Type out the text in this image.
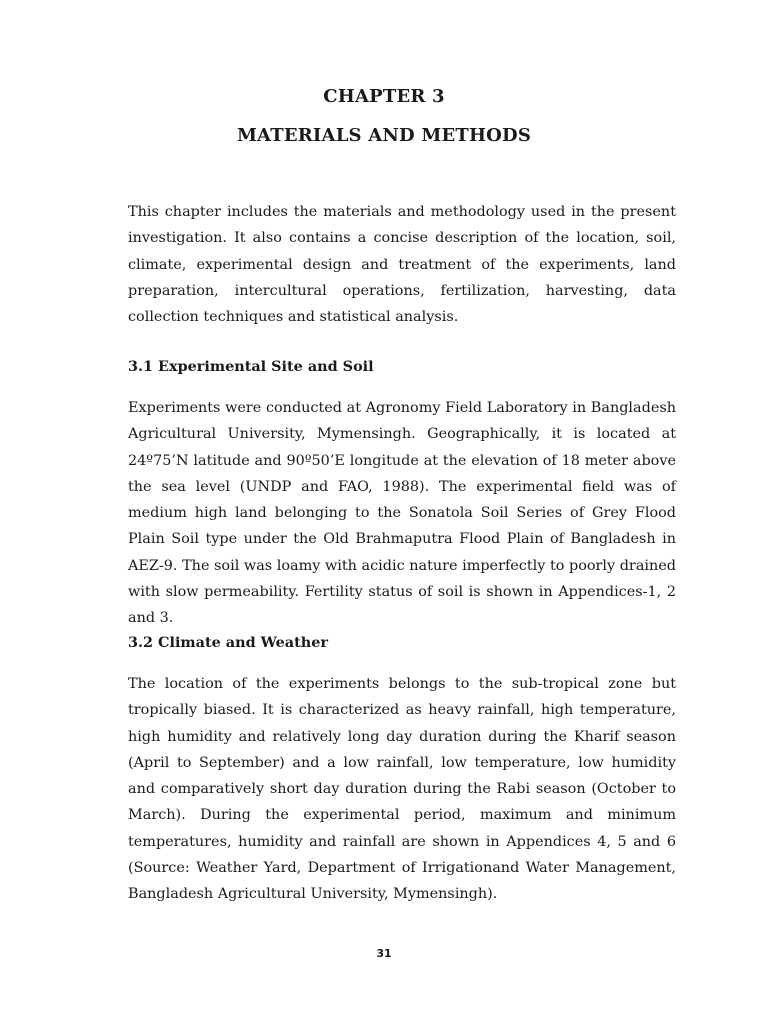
CHAPTER 3
MATERIALS AND METHODS

This chapter includes the materials and methodology used in the present investigation. It also contains a concise description of the location, soil, climate, experimental design and treatment of the experiments, land preparation, intercultural operations, fertilization, harvesting, data collection techniques and statistical analysis.

3.1 Experimental Site and Soil

Experiments were conducted at Agronomy Field Laboratory in Bangladesh Agricultural University, Mymensingh. Geographically, it is located at 24º75’N latitude and 90º50’E longitude at the elevation of 18 meter above the sea level (UNDP and FAO, 1988). The experimental field was of medium high land belonging to the Sonatola Soil Series of Grey Flood Plain Soil type under the Old Brahmaputra Flood Plain of Bangladesh in AEZ-9. The soil was loamy with acidic nature imperfectly to poorly drained with slow permeability. Fertility status of soil is shown in Appendices-1, 2 and 3.

3.2 Climate and Weather

The location of the experiments belongs to the sub-tropical zone but tropically biased. It is characterized as heavy rainfall, high temperature, high humidity and relatively long day duration during the Kharif season (April to September) and a low rainfall, low temperature, low humidity and comparatively short day duration during the Rabi season (October to March). During the experimental period, maximum and minimum temperatures, humidity and rainfall are shown in Appendices 4, 5 and 6 (Source: Weather Yard, Department of Irrigationand Water Management, Bangladesh Agricultural University, Mymensingh).

31
